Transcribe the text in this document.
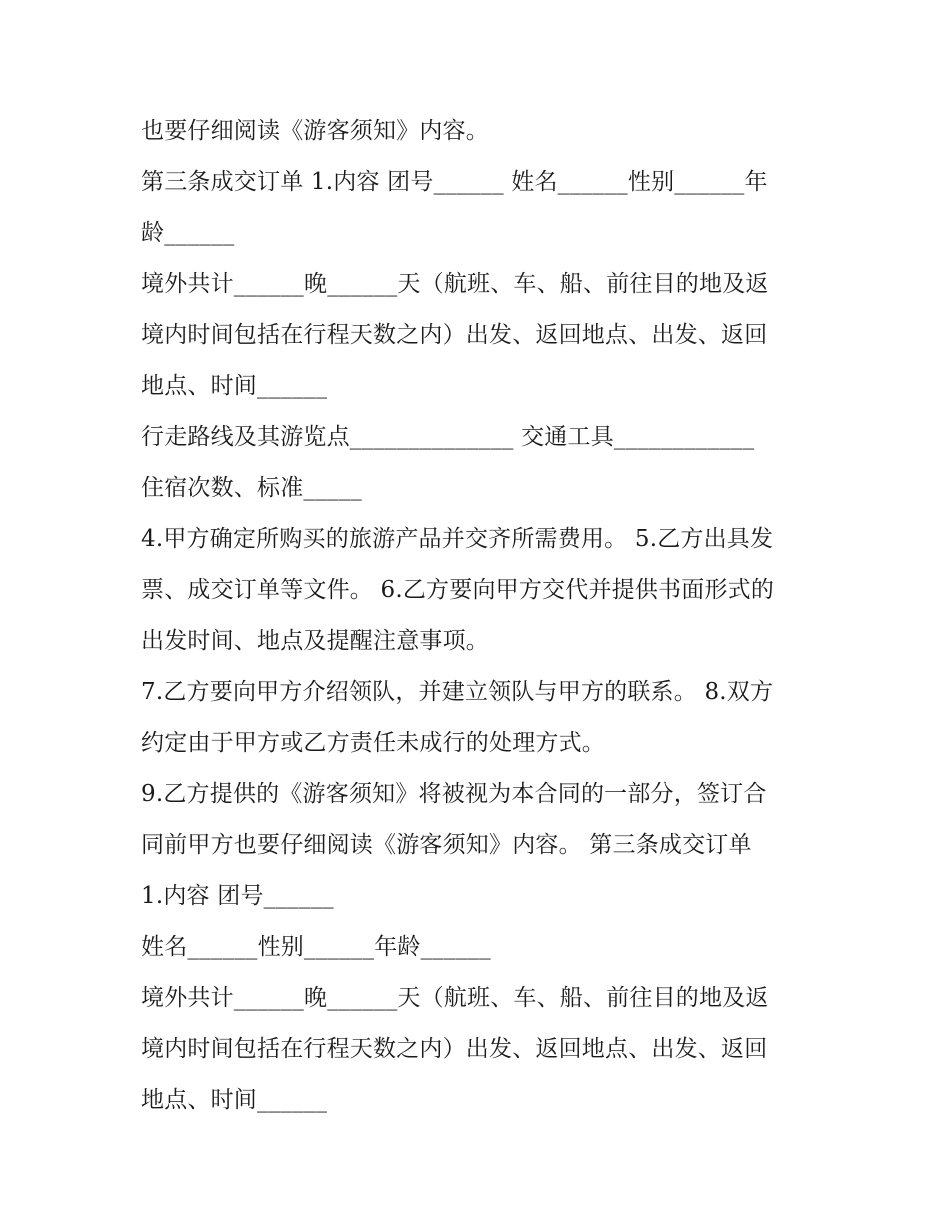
也要仔细阅读《游客须知》内容。
第三条成交订单 1.内容 团号______ 姓名______性别______年
龄______
境外共计______晚______天（航班、车、船、前往目的地及返
境内时间包括在行程天数之内）出发、返回地点、出发、返回
地点、时间______
行走路线及其游览点______________ 交通工具____________
住宿次数、标准_____
4.甲方确定所购买的旅游产品并交齐所需费用。 5.乙方出具发
票、成交订单等文件。 6.乙方要向甲方交代并提供书面形式的
出发时间、地点及提醒注意事项。
7.乙方要向甲方介绍领队，并建立领队与甲方的联系。 8.双方
约定由于甲方或乙方责任未成行的处理方式。
9.乙方提供的《游客须知》将被视为本合同的一部分，签订合
同前甲方也要仔细阅读《游客须知》内容。 第三条成交订单
1.内容 团号______
姓名______性别______年龄______
境外共计______晚______天（航班、车、船、前往目的地及返
境内时间包括在行程天数之内）出发、返回地点、出发、返回
地点、时间______
